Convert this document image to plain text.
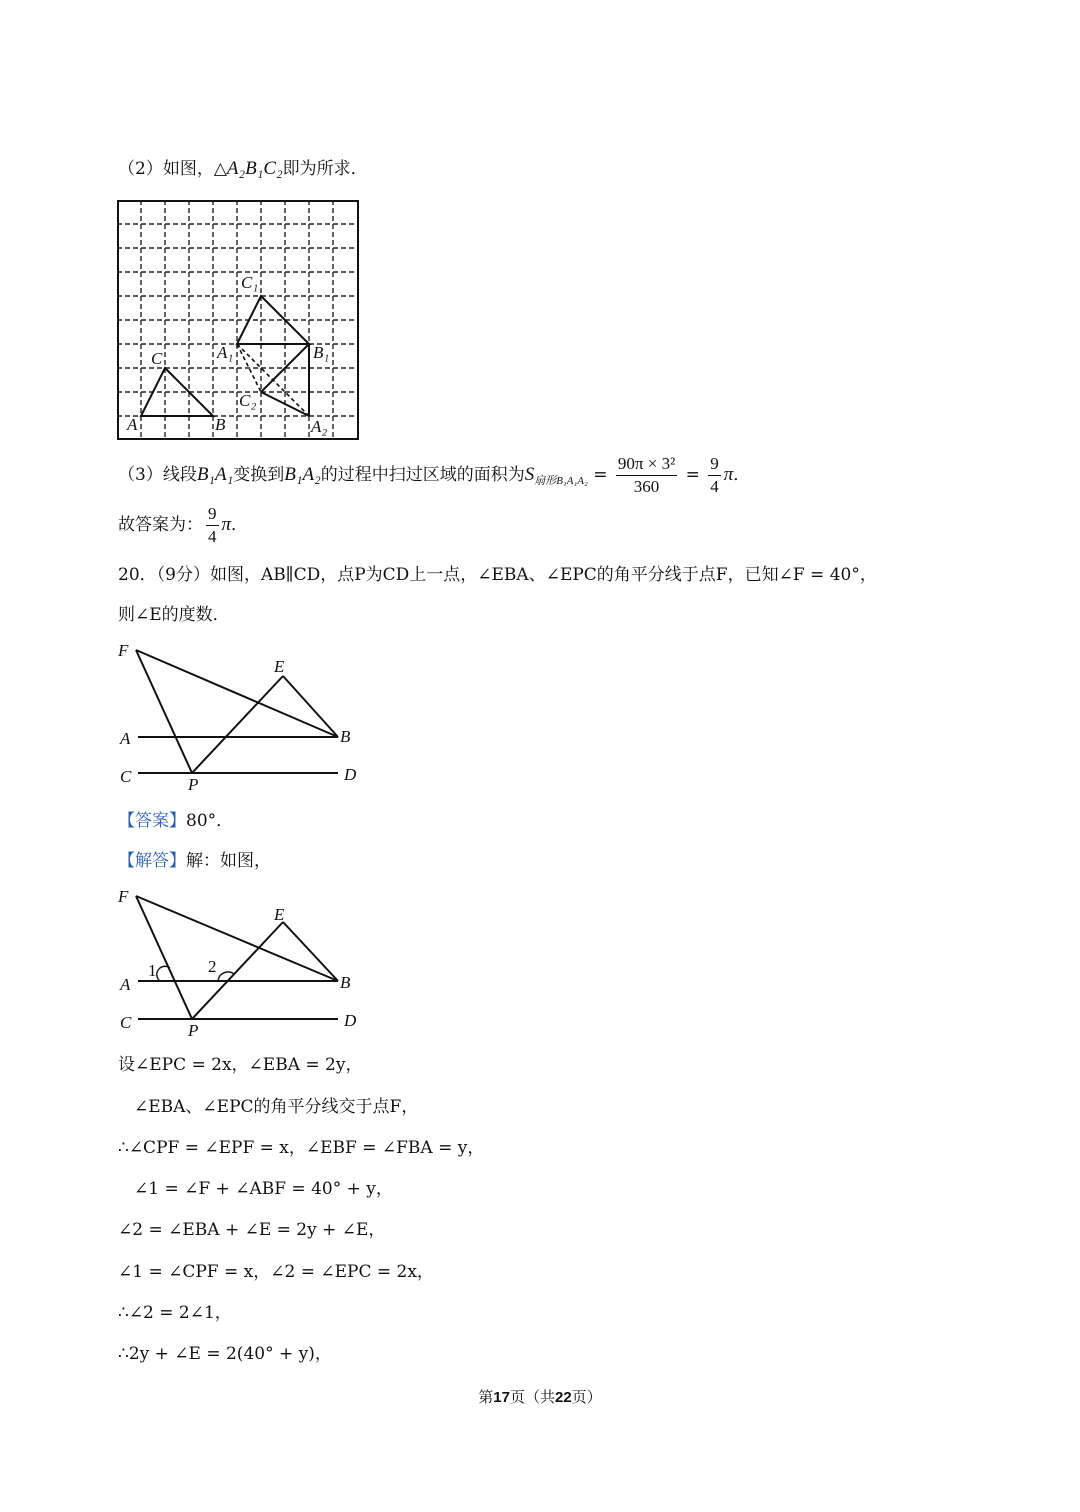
（2）如图，△A₂B₁C₂即为所求．
C₁
A₁	B₁
C
C₂
A	B	A₂
（3）线段B₁A₁变换到B₁A₂的过程中扫过区域的面积为$S_{扇形B_1A_1A_2} = \frac{\text{90π × 3²}}{360} = \frac{9}{4}$ π．
故答案为： $\frac{9}{4}$ π．
20．（9分）如图，AB∥CD，点P为CD上一点，∠EBA、∠EPC的角平分线于点F，已知∠F = 40°，
则∠E的度数．
F
E
A	B
C	P
D
【答案】80°．
【解答】解：如图，
F
E
A	B
C	P
D
1	2
设∠EPC = 2x，∠EBA = 2y，
∠EBA、∠EPC的角平分线交于点F，
∴∠CPF = ∠EPF = x，∠EBF = ∠FBA = y，
∠1 = ∠F + ∠ABF = 40° + y，
∠2 = ∠EBA + ∠E = 2y + ∠E，
∠1 = ∠CPF = x，∠2 = ∠EPC = 2x，
∴∠2 = 2∠1，
∴2y + ∠E = 2(40° + y)，
第17页（共22页）
